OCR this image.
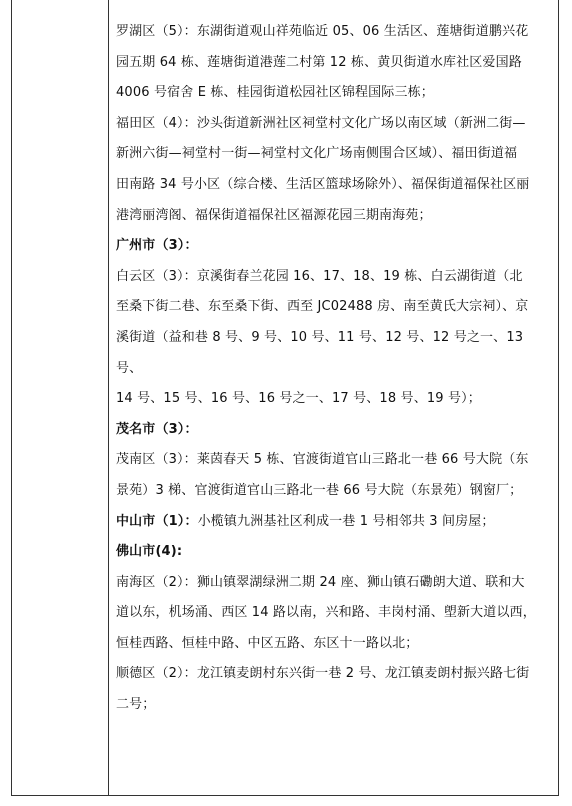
罗湖区（5）：东湖街道观山祥苑临近 05、06 生活区、莲塘街道鹏兴花
园五期 64 栋、莲塘街道港莲二村第 12 栋、黄贝街道水库社区爱国路
4006 号宿舍 E 栋、桂园街道松园社区锦程国际三栋；
福田区（4）：沙头街道新洲社区祠堂村文化广场以南区域（新洲二街—
新洲六街—祠堂村一街—祠堂村文化广场南侧围合区域）、福田街道福
田南路 34 号小区（综合楼、生活区篮球场除外）、福保街道福保社区丽
港湾丽湾阁、福保街道福保社区福源花园三期南海苑；
广州市（3）：
白云区（3）：京溪街春兰花园 16、17、18、19 栋、白云湖街道（北
至桑下街二巷、东至桑下街、西至 JC02488 房、南至黄氏大宗祠）、京
溪街道（益和巷 8 号、9 号、10 号、11 号、12 号、12 号之一、13 号、
14 号、15 号、16 号、16 号之一、17 号、18 号、19 号）；
茂名市（3）：
茂南区（3）：莱茵春天 5 栋、官渡街道官山三路北一巷 66 号大院（东
景苑）3 梯、官渡街道官山三路北一巷 66 号大院（东景苑）钢窗厂；
中山市（1）：小榄镇九洲基社区利成一巷 1 号相邻共 3 间房屋；
佛山市(4):
南海区（2）：狮山镇翠湖绿洲二期 24 座、狮山镇石磡朗大道、联和大
道以东，机场涌、西区 14 路以南，兴和路、丰岗村涌、塱新大道以西，
恒桂西路、恒桂中路、中区五路、东区十一路以北；
顺德区（2）：龙江镇麦朗村东兴街一巷 2 号、龙江镇麦朗村振兴路七街
二号；
